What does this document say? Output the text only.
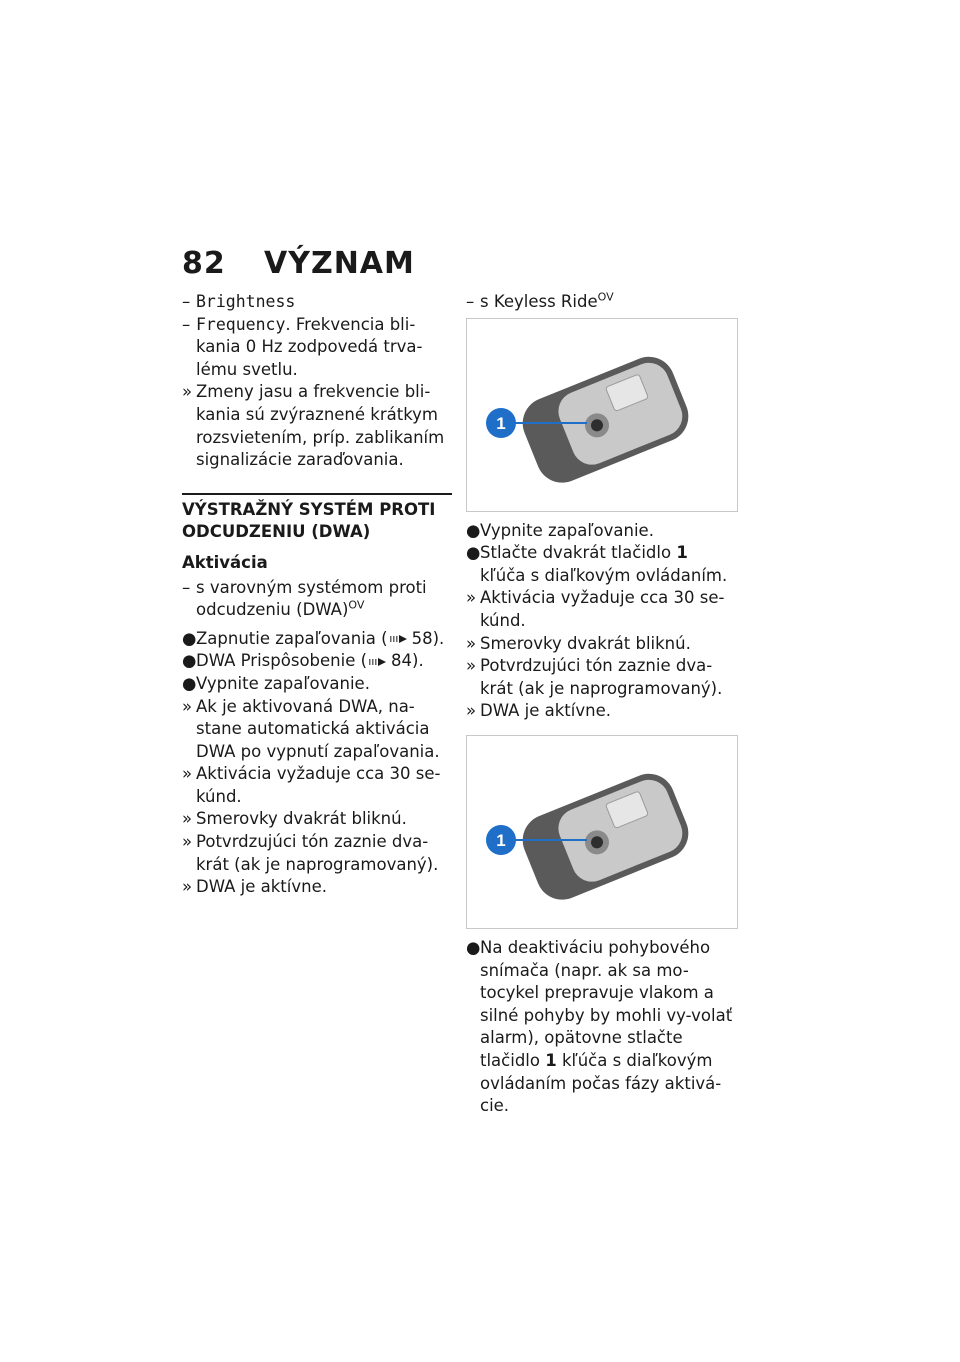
82 VÝZNAM
– Brightness
– Frequency. Frekvencia bli-kania 0 Hz zodpovedá trva-lému svetlu.
» Zmeny jasu a frekvencie bli-kania sú zvýraznené krátkym rozsvietením, príp. zablikaním signalizácie zaraďovania.
VÝSTRAŽNÝ SYSTÉM PROTI ODCUDZENIU (DWA)
Aktivácia
– s varovným systémom proti odcudzeniu (DWA)$^{OV}$
● Zapnutie zapaľovania ( 58).
● DWA Prispôsobenie ( 84).
● Vypnite zapaľovanie.
» Ak je aktivovaná DWA, na-stane automatická aktivácia DWA po vypnutí zapaľovania.
» Aktivácia vyžaduje cca 30 se-kúnd.
» Smerovky dvakrát bliknú.
» Potvrdzujúci tón zaznie dva-krát (ak je naprogramovaný).
» DWA je aktívne.
– s Keyless Ride$^{OV}$
1
● Vypnite zapaľovanie.
● Stlačte dvakrát tlačidlo 1 kľúča s diaľkovým ovládaním.
» Aktivácia vyžaduje cca 30 se-kúnd.
» Smerovky dvakrát bliknú.
» Potvrdzujúci tón zaznie dva-krát (ak je naprogramovaný).
» DWA je aktívne.
1
● Na deaktiváciu pohybového snímača (napr. ak sa mo-tocykel prepravuje vlakom a silné pohyby by mohli vy-volať alarm), opätovne stlačte tlačidlo 1 kľúča s diaľkovým ovládaním počas fázy aktivá-cie.
